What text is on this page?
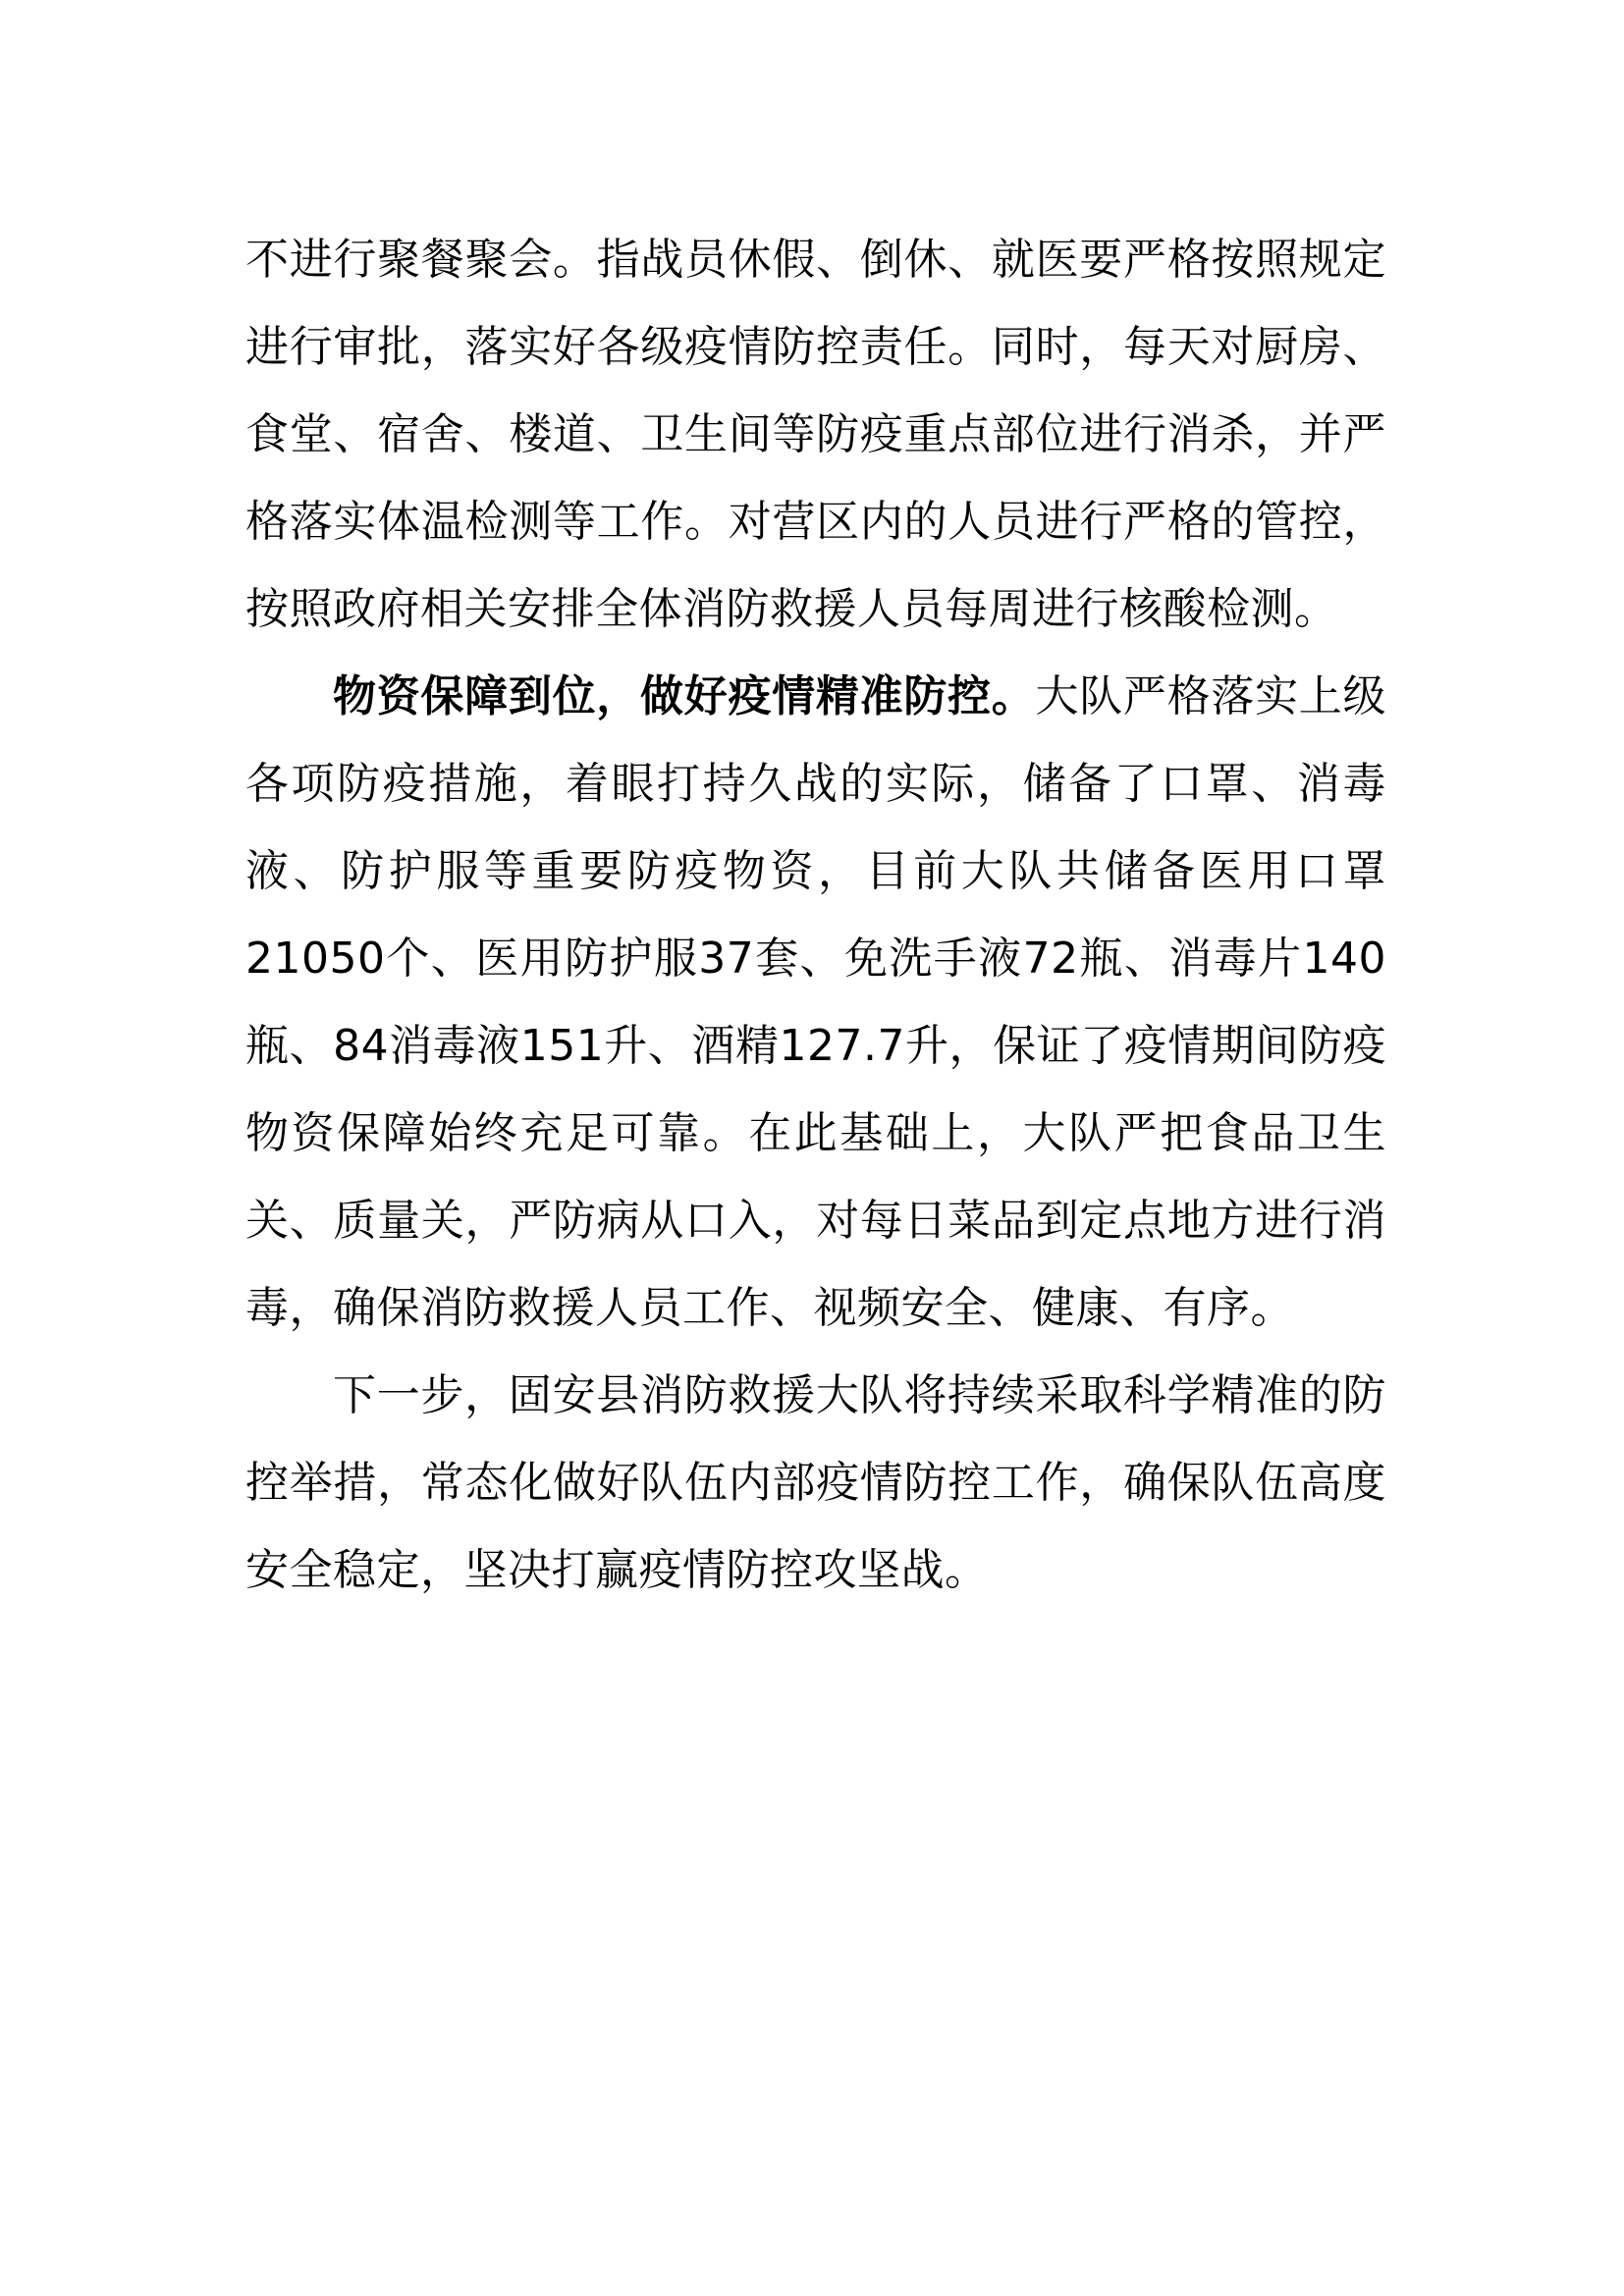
不进行聚餐聚会。指战员休假、倒休、就医要严格按照规定进行审批，落实好各级疫情防控责任。同时，每天对厨房、食堂、宿舍、楼道、卫生间等防疫重点部位进行消杀，并严格落实体温检测等工作。对营区内的人员进行严格的管控，按照政府相关安排全体消防救援人员每周进行核酸检测。

物资保障到位，做好疫情精准防控。大队严格落实上级各项防疫措施，着眼打持久战的实际，储备了口罩、消毒液、防护服等重要防疫物资，目前大队共储备医用口罩21050个、医用防护服37套、免洗手液72瓶、消毒片140瓶、84消毒液151升、酒精127.7升，保证了疫情期间防疫物资保障始终充足可靠。在此基础上，大队严把食品卫生关、质量关，严防病从口入，对每日菜品到定点地方进行消毒，确保消防救援人员工作、视频安全、健康、有序。

下一步，固安县消防救援大队将持续采取科学精准的防控举措，常态化做好队伍内部疫情防控工作，确保队伍高度安全稳定，坚决打赢疫情防控攻坚战。
